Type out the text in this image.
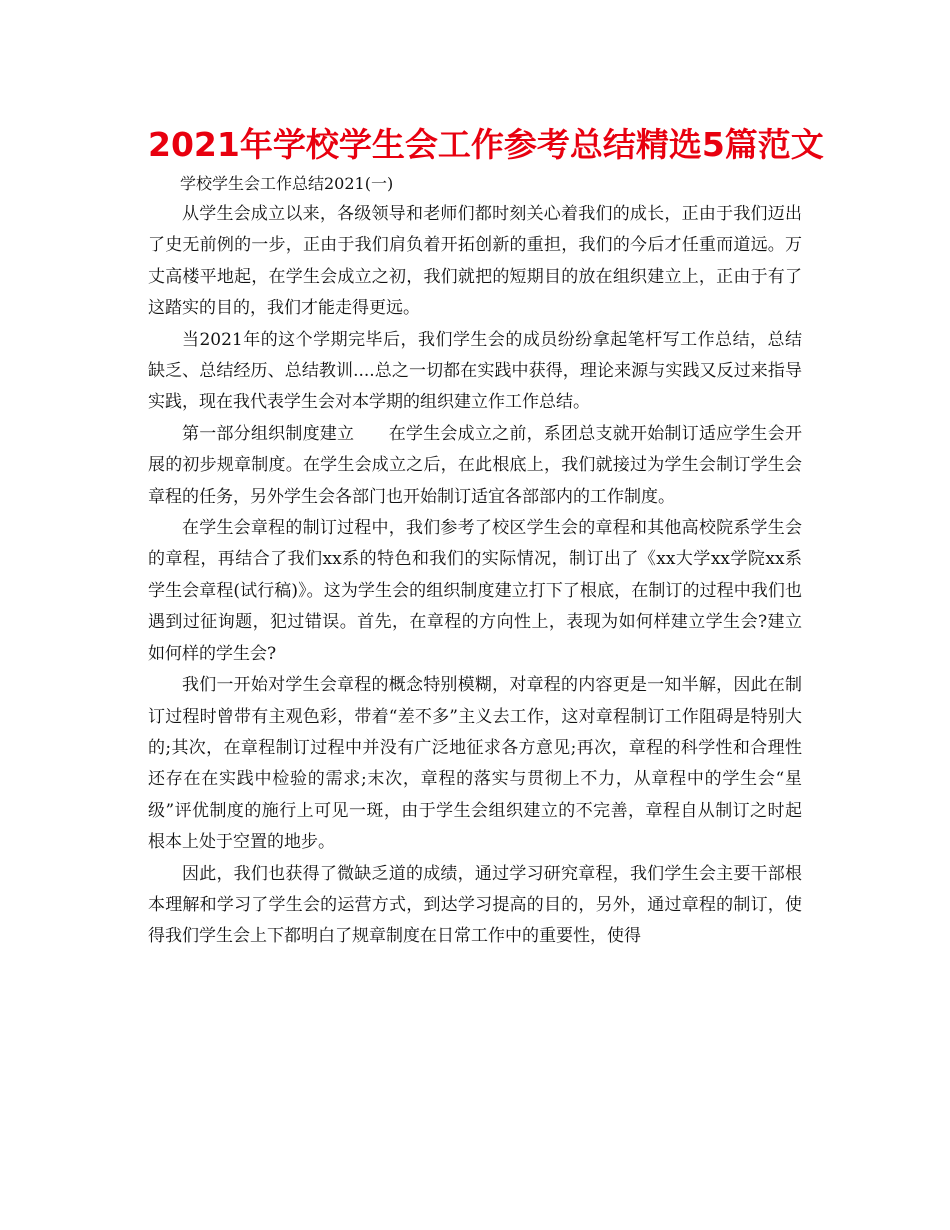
2021年学校学生会工作参考总结精选5篇范文

学校学生会工作总结2021(一)

从学生会成立以来，各级领导和老师们都时刻关心着我们的成长，正由于我们迈出了史无前例的一步，正由于我们肩负着开拓创新的重担，我们的今后才任重而道远。万丈高楼平地起，在学生会成立之初，我们就把的短期目的放在组织建立上，正由于有了这踏实的目的，我们才能走得更远。

当2021年的这个学期完毕后，我们学生会的成员纷纷拿起笔杆写工作总结，总结缺乏、总结经历、总结教训....总之一切都在实践中获得，理论来源与实践又反过来指导实践，现在我代表学生会对本学期的组织建立作工作总结。

第一部分组织制度建立　　在学生会成立之前，系团总支就开始制订适应学生会开展的初步规章制度。在学生会成立之后，在此根底上，我们就接过为学生会制订学生会章程的任务，另外学生会各部门也开始制订适宜各部部内的工作制度。

在学生会章程的制订过程中，我们参考了校区学生会的章程和其他高校院系学生会的章程，再结合了我们xx系的特色和我们的实际情况，制订出了《xx大学xx学院xx系学生会章程(试行稿)》。这为学生会的组织制度建立打下了根底，在制订的过程中我们也遇到过征询题，犯过错误。首先，在章程的方向性上，表现为如何样建立学生会?建立如何样的学生会?

我们一开始对学生会章程的概念特别模糊，对章程的内容更是一知半解，因此在制订过程时曾带有主观色彩，带着“差不多”主义去工作，这对章程制订工作阻碍是特别大的;其次，在章程制订过程中并没有广泛地征求各方意见;再次，章程的科学性和合理性还存在在实践中检验的需求;末次，章程的落实与贯彻上不力，从章程中的学生会“星级”评优制度的施行上可见一斑，由于学生会组织建立的不完善，章程自从制订之时起根本上处于空置的地步。

因此，我们也获得了微缺乏道的成绩，通过学习研究章程，我们学生会主要干部根本理解和学习了学生会的运营方式，到达学习提高的目的，另外，通过章程的制订，使得我们学生会上下都明白了规章制度在日常工作中的重要性，使得
